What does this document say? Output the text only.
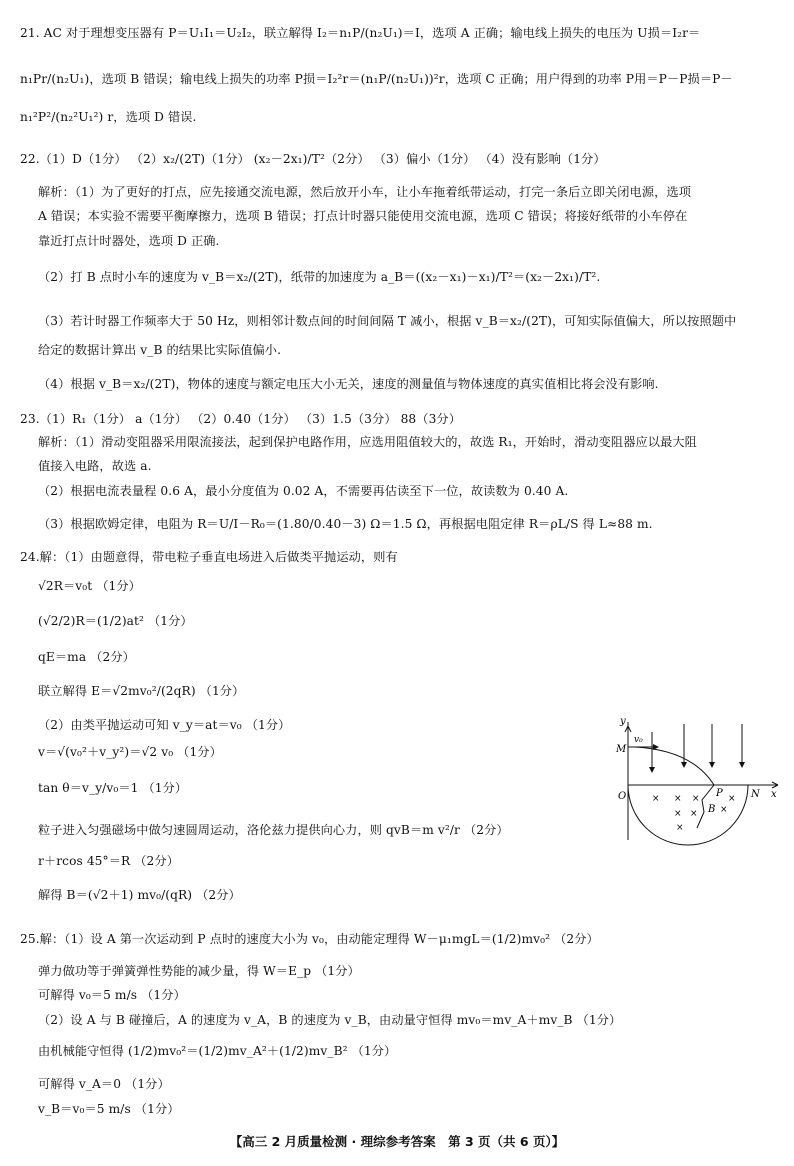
21. AC 对于理想变压器有 P＝U₁I₁＝U₂I₂，联立解得 I₂＝n₁P/(n₂U₁)＝I，选项 A 正确；输电线上损失的电压为 U损＝I₂r＝
n₁Pr/(n₂U₁)，选项 B 错误；输电线上损失的功率 P损＝I₂²r＝(n₁P/(n₂U₁))²r，选项 C 正确；用户得到的功率 P用＝P－P损＝P－
n₁²P²/(n₂²U₁²) r，选项 D 错误.
22.（1）D（1分） （2）x₂/(2T)（1分） (x₂－2x₁)/T²（2分） （3）偏小（1分） （4）没有影响（1分）
解析：（1）为了更好的打点，应先接通交流电源，然后放开小车，让小车拖着纸带运动，打完一条后立即关闭电源，选项
A 错误；本实验不需要平衡摩擦力，选项 B 错误；打点计时器只能使用交流电源，选项 C 错误；将接好纸带的小车停在
靠近打点计时器处，选项 D 正确.
（2）打 B 点时小车的速度为 v_B＝x₂/(2T)，纸带的加速度为 a_B＝((x₂－x₁)－x₁)/T²＝(x₂－2x₁)/T².
（3）若计时器工作频率大于 50 Hz，则相邻计数点间的时间间隔 T 减小，根据 v_B＝x₂/(2T)，可知实际值偏大，所以按照题中
给定的数据计算出 v_B 的结果比实际值偏小.
（4）根据 v_B＝x₂/(2T)，物体的速度与额定电压大小无关，速度的测量值与物体速度的真实值相比将会没有影响.
23.（1）R₁（1分） a（1分） （2）0.40（1分） （3）1.5（3分） 88（3分）
解析：（1）滑动变阻器采用限流接法，起到保护电路作用，应选用阻值较大的，故选 R₁，开始时，滑动变阻器应以最大阻
值接入电路，故选 a.
（2）根据电流表量程 0.6 A，最小分度值为 0.02 A，不需要再估读至下一位，故读数为 0.40 A.
（3）根据欧姆定律，电阻为 R＝U/I－R₀＝(1.80/0.40－3) Ω＝1.5 Ω，再根据电阻定律 R＝ρL/S 得 L≈88 m.
24.解：（1）由题意得，带电粒子垂直电场进入后做类平抛运动，则有
√2R＝v₀t （1分）
(√2/2)R＝(1/2)at² （1分）
qE＝ma （2分）
联立解得 E＝√2mv₀²/(2qR) （1分）
（2）由类平抛运动可知 v_y＝at＝v₀ （1分）
v＝√(v₀²＋v_y²)＝√2 v₀ （1分）
tan θ＝v_y/v₀＝1 （1分）
粒子进入匀强磁场中做匀速圆周运动，洛伦兹力提供向心力，则 qvB＝m v²/r （2分）
r＋rcos 45°＝R （2分）
解得 B＝(√2＋1) mv₀/(qR) （2分）
25.解：（1）设 A 第一次运动到 P 点时的速度大小为 v₀，由动能定理得 W－μ₁mgL＝(1/2)mv₀² （2分）
弹力做功等于弹簧弹性势能的减少量，得 W＝E_p （1分）
可解得 v₀＝5 m/s （1分）
（2）设 A 与 B 碰撞后，A 的速度为 v_A，B 的速度为 v_B，由动量守恒得 mv₀＝mv_A＋mv_B （1分）
由机械能守恒得 (1/2)mv₀²＝(1/2)mv_A²＋(1/2)mv_B² （1分）
可解得 v_A＝0 （1分）
v_B＝v₀＝5 m/s （1分）
y
v₀
M
O	P	N
B
x
× × ×	×
× × ×
×
【高三 2 月质量检测 · 理综参考答案　第 3 页（共 6 页）】
